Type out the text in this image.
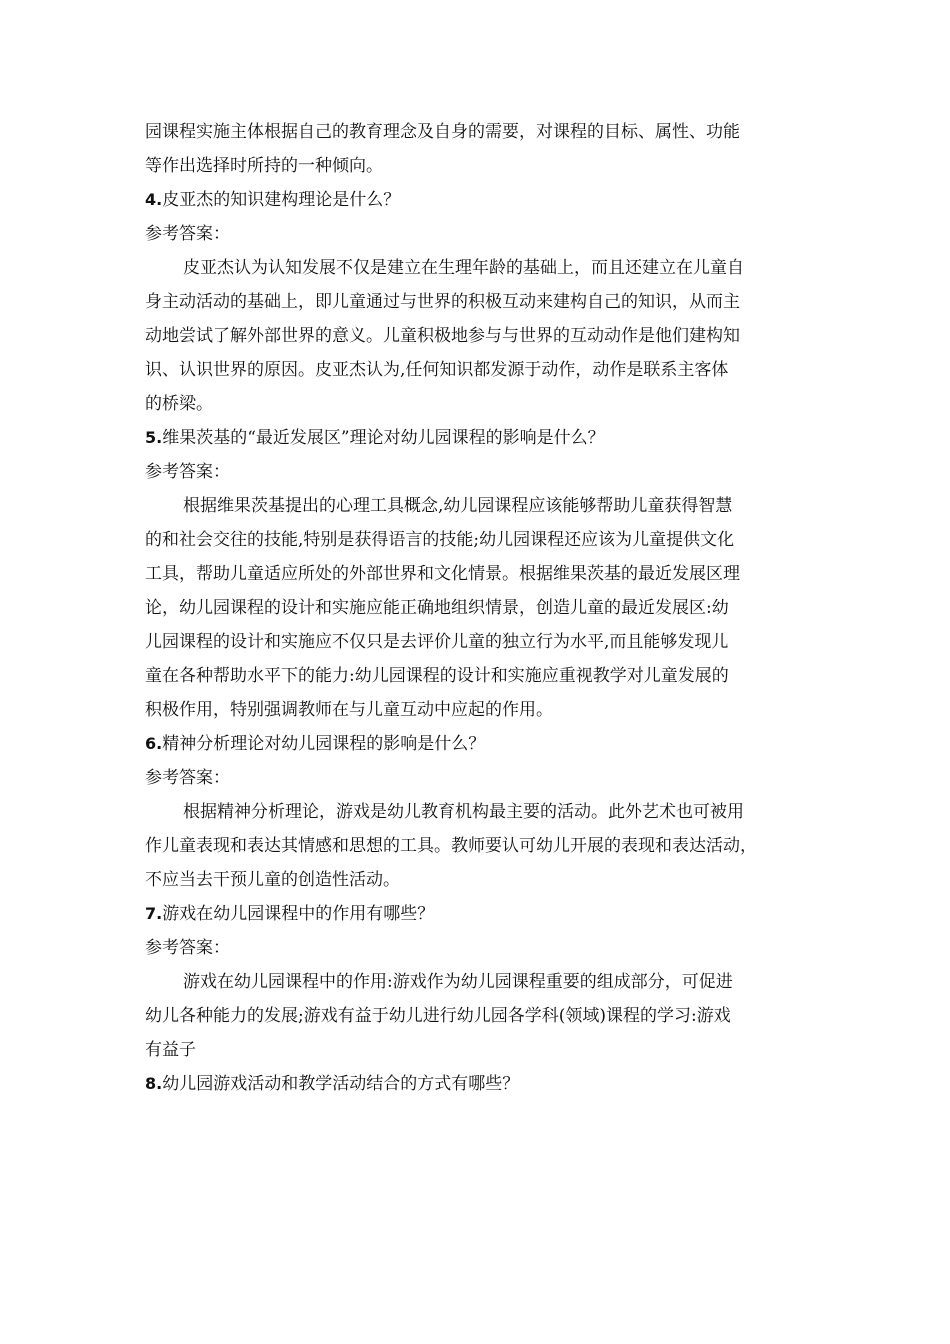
园课程实施主体根据自己的教育理念及自身的需要，对课程的目标、属性、功能
等作出选择时所持的一种倾向。
4.皮亚杰的知识建构理论是什么？
参考答案：
皮亚杰认为认知发展不仅是建立在生理年龄的基础上，而且还建立在儿童自
身主动活动的基础上，即儿童通过与世界的积极互动来建构自己的知识，从而主
动地尝试了解外部世界的意义。儿童积极地参与与世界的互动动作是他们建构知
识、认识世界的原因。皮亚杰认为,任何知识都发源于动作，动作是联系主客体
的桥梁。
5.维果茨基的“最近发展区”理论对幼儿园课程的影响是什么？
参考答案：
根据维果茨基提出的心理工具概念,幼儿园课程应该能够帮助儿童获得智慧
的和社会交往的技能,特别是获得语言的技能;幼儿园课程还应该为儿童提供文化
工具，帮助儿童适应所处的外部世界和文化情景。根据维果茨基的最近发展区理
论，幼儿园课程的设计和实施应能正确地组织情景，创造儿童的最近发展区:幼
儿园课程的设计和实施应不仅只是去评价儿童的独立行为水平,而且能够发现儿
童在各种帮助水平下的能力:幼儿园课程的设计和实施应重视教学对儿童发展的
积极作用，特别强调教师在与儿童互动中应起的作用。
6.精神分析理论对幼儿园课程的影响是什么？
参考答案：
根据精神分析理论，游戏是幼儿教育机构最主要的活动。此外艺术也可被用
作儿童表现和表达其情感和思想的工具。教师要认可幼儿开展的表现和表达活动，
不应当去干预儿童的创造性活动。
7.游戏在幼儿园课程中的作用有哪些？
参考答案：
游戏在幼儿园课程中的作用:游戏作为幼儿园课程重要的组成部分，可促进
幼儿各种能力的发展;游戏有益于幼儿进行幼儿园各学科(领域)课程的学习:游戏
有益子
8.幼儿园游戏活动和教学活动结合的方式有哪些？
